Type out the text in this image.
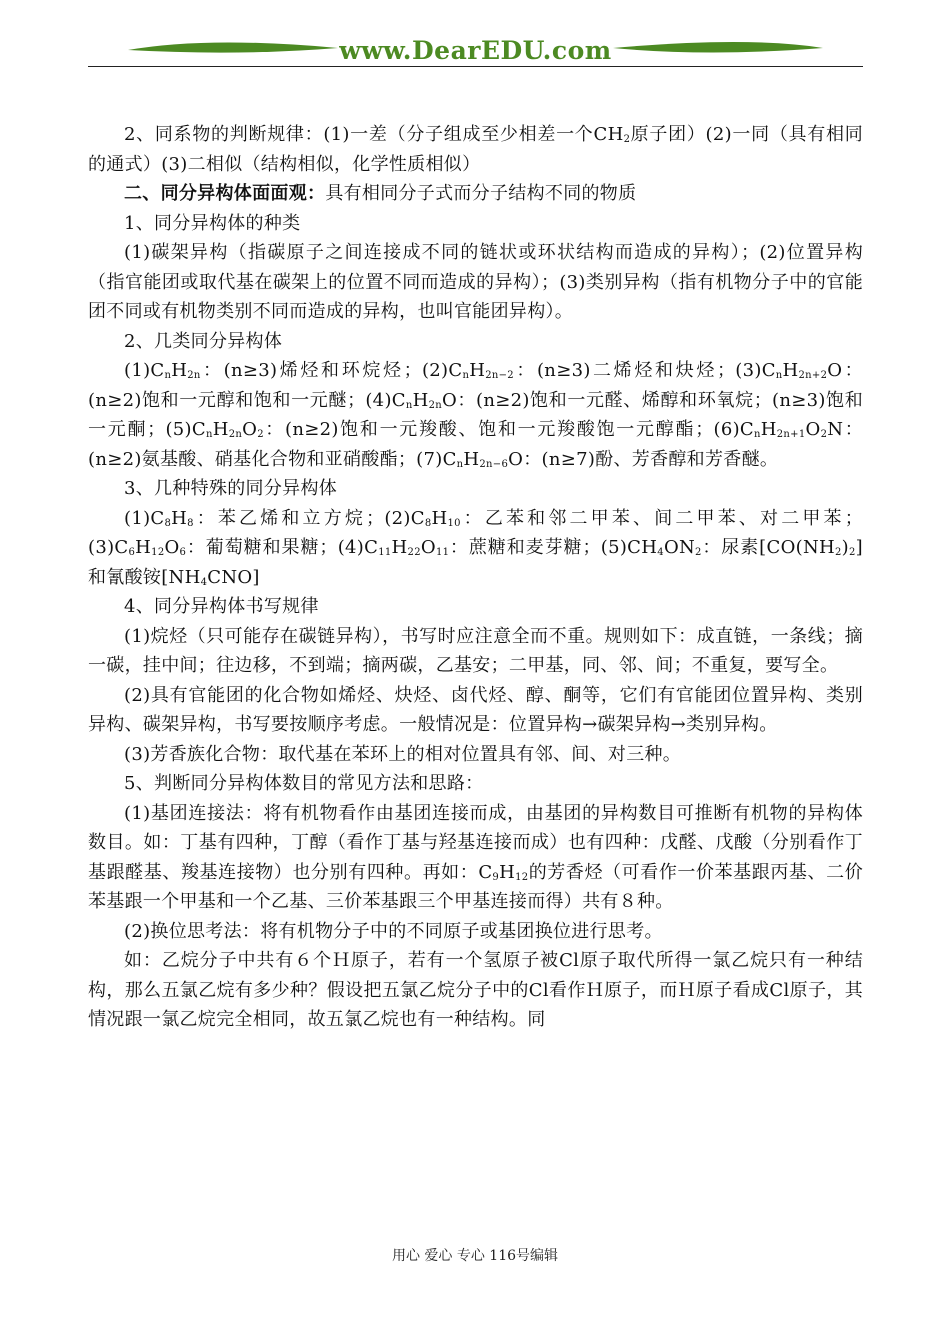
www.DearEDU.com

2、同系物的判断规律：(1)一差（分子组成至少相差一个$CH_2$原子团）(2)一同（具有相同的通式）(3)二相似（结构相似，化学性质相似）

二、同分异构体面面观：具有相同分子式而分子结构不同的物质

1、同分异构体的种类

(1)碳架异构（指碳原子之间连接成不同的链状或环状结构而造成的异构）；(2)位置异构（指官能团或取代基在碳架上的位置不同而造成的异构）；(3)类别异构（指有机物分子中的官能团不同或有机物类别不同而造成的异构，也叫官能团异构）。

2、几类同分异构体

$(1)C_nH_{2n}$：(n≥3)烯烃和环烷烃；$(2)C_nH_{2n-2}$：(n≥3)二烯烃和炔烃；$(3)C_nH_{2n+2}O$：(n≥2)饱和一元醇和饱和一元醚；$(4)C_nH_{2n}O$：(n≥2)饱和一元醛、烯醇和环氧烷；(n≥3)饱和一元酮；$(5)C_nH_{2n}O_2$：(n≥2)饱和一元羧酸、饱和一元羧酸饱一元醇酯；$(6)C_nH_{2n+1}O_2N$：(n≥2)氨基酸、硝基化合物和亚硝酸酯；$(7)C_nH_{2n-6}O$：(n≥7)酚、芳香醇和芳香醚。

3、几种特殊的同分异构体

$(1)C_8H_8$：苯乙烯和立方烷；$(2)C_8H_{10}$：乙苯和邻二甲苯、间二甲苯、对二甲苯；$(3)C_6H_{12}O_6$：葡萄糖和果糖；$(4)C_{11}H_{22}O_{11}$：蔗糖和麦芽糖；$(5)CH_4ON_2$：尿素$[CO(NH_2)_2]$和氰酸铵$[NH_4CNO]$

4、同分异构体书写规律

(1)烷烃（只可能存在碳链异构），书写时应注意全而不重。规则如下：成直链，一条线；摘一碳，挂中间；往边移，不到端；摘两碳，乙基安；二甲基，同、邻、间；不重复，要写全。

(2)具有官能团的化合物如烯烃、炔烃、卤代烃、醇、酮等，它们有官能团位置异构、类别异构、碳架异构，书写要按顺序考虑。一般情况是：位置异构→碳架异构→类别异构。

(3)芳香族化合物：取代基在苯环上的相对位置具有邻、间、对三种。

5、判断同分异构体数目的常见方法和思路：

(1)基团连接法：将有机物看作由基团连接而成，由基团的异构数目可推断有机物的异构体数目。如：丁基有四种，丁醇（看作丁基与羟基连接而成）也有四种：戊醛、戊酸（分别看作丁基跟醛基、羧基连接物）也分别有四种。再如：$C_9H_{12}$的芳香烃（可看作一价苯基跟丙基、二价苯基跟一个甲基和一个乙基、三价苯基跟三个甲基连接而得）共有８种。

(2)换位思考法：将有机物分子中的不同原子或基团换位进行思考。

如：乙烷分子中共有６个Ｈ原子，若有一个氢原子被Cl原子取代所得一氯乙烷只有一种结构，那么五氯乙烷有多少种？假设把五氯乙烷分子中的Cl看作Ｈ原子，而Ｈ原子看成Cl原子，其情况跟一氯乙烷完全相同，故五氯乙烷也有一种结构。同

用心 爱心 专心 116号编辑
